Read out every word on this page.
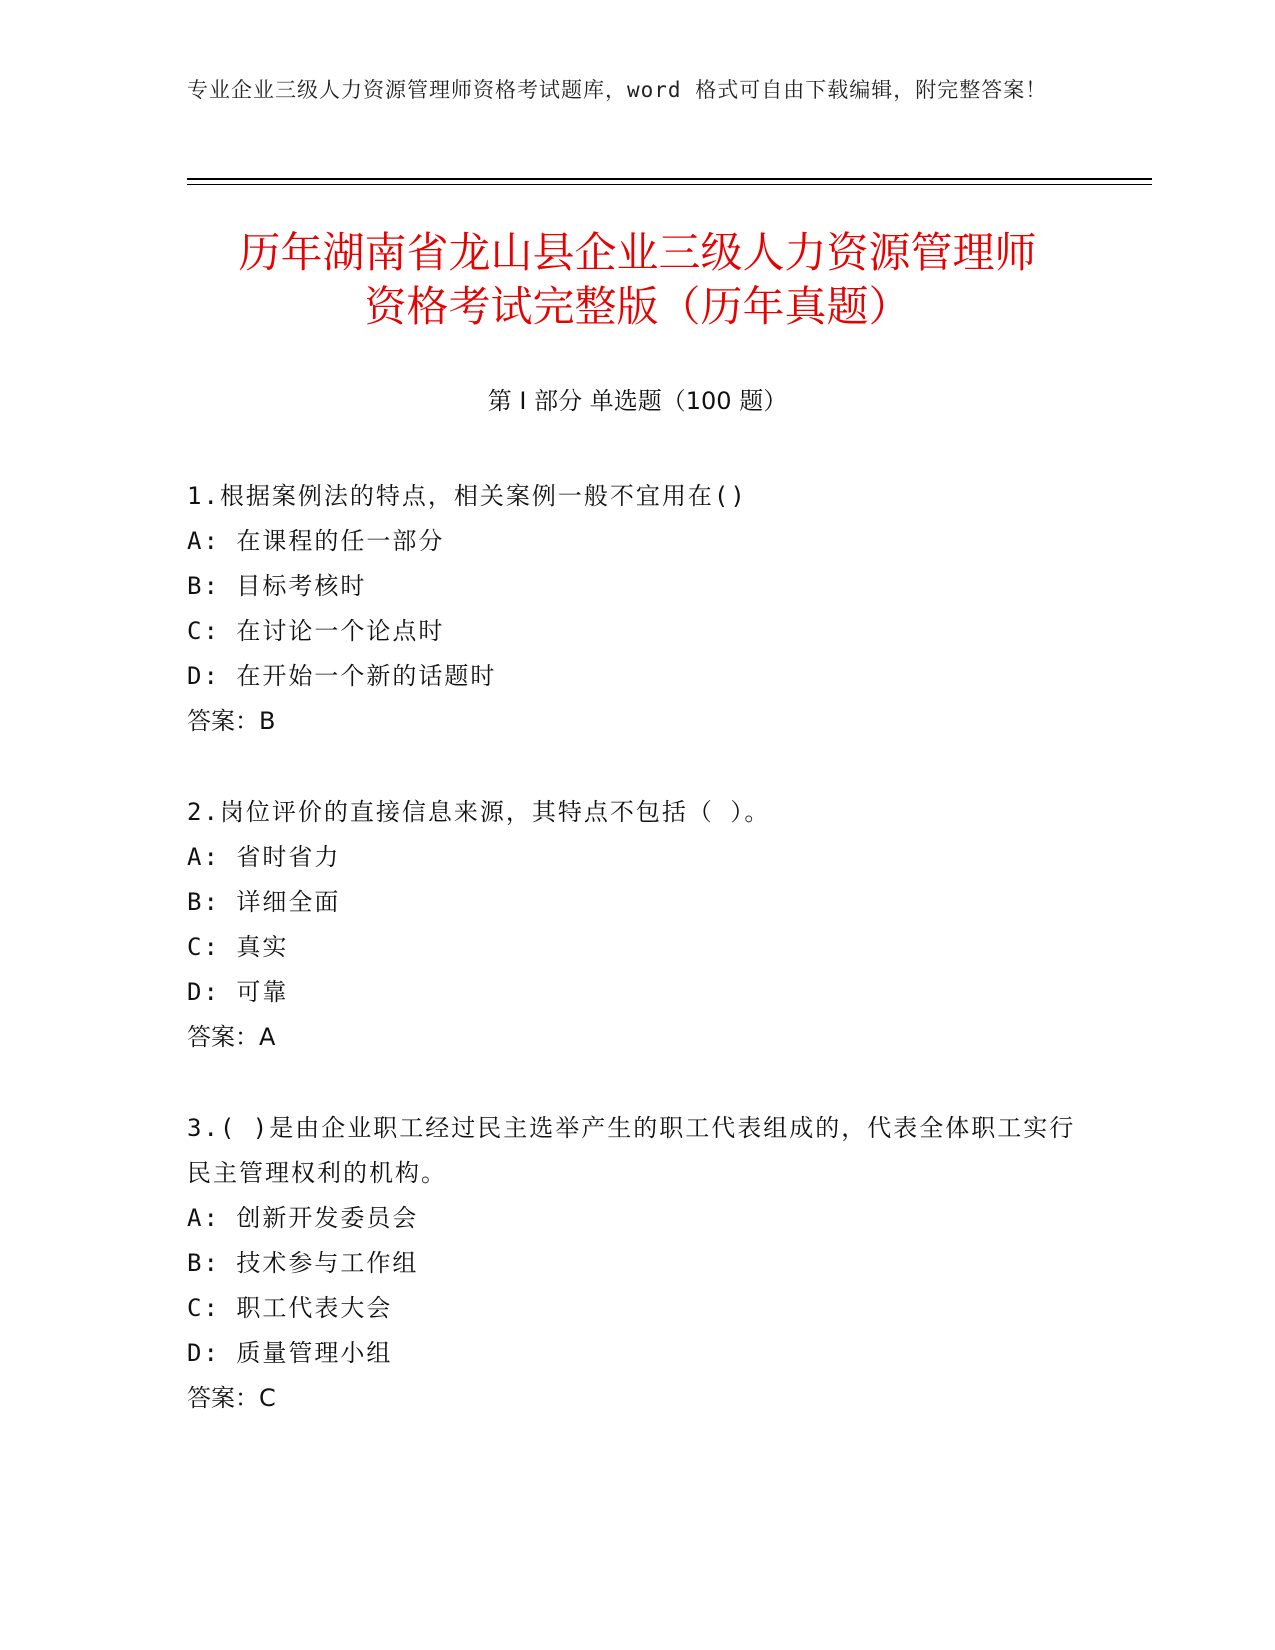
专业企业三级人力资源管理师资格考试题库，word 格式可自由下载编辑，附完整答案！
历年湖南省龙山县企业三级人力资源管理师
资格考试完整版（历年真题）
第 I 部分 单选题（100 题）
1.根据案例法的特点，相关案例一般不宜用在()
A: 在课程的任一部分
B: 目标考核时
C: 在讨论一个论点时
D: 在开始一个新的话题时
答案：B
2.岗位评价的直接信息来源，其特点不包括（ ）。
A: 省时省力
B: 详细全面
C: 真实
D: 可靠
答案：A
3.( )是由企业职工经过民主选举产生的职工代表组成的，代表全体职工实行民主管理权利的机构。
A: 创新开发委员会
B: 技术参与工作组
C: 职工代表大会
D: 质量管理小组
答案：C
